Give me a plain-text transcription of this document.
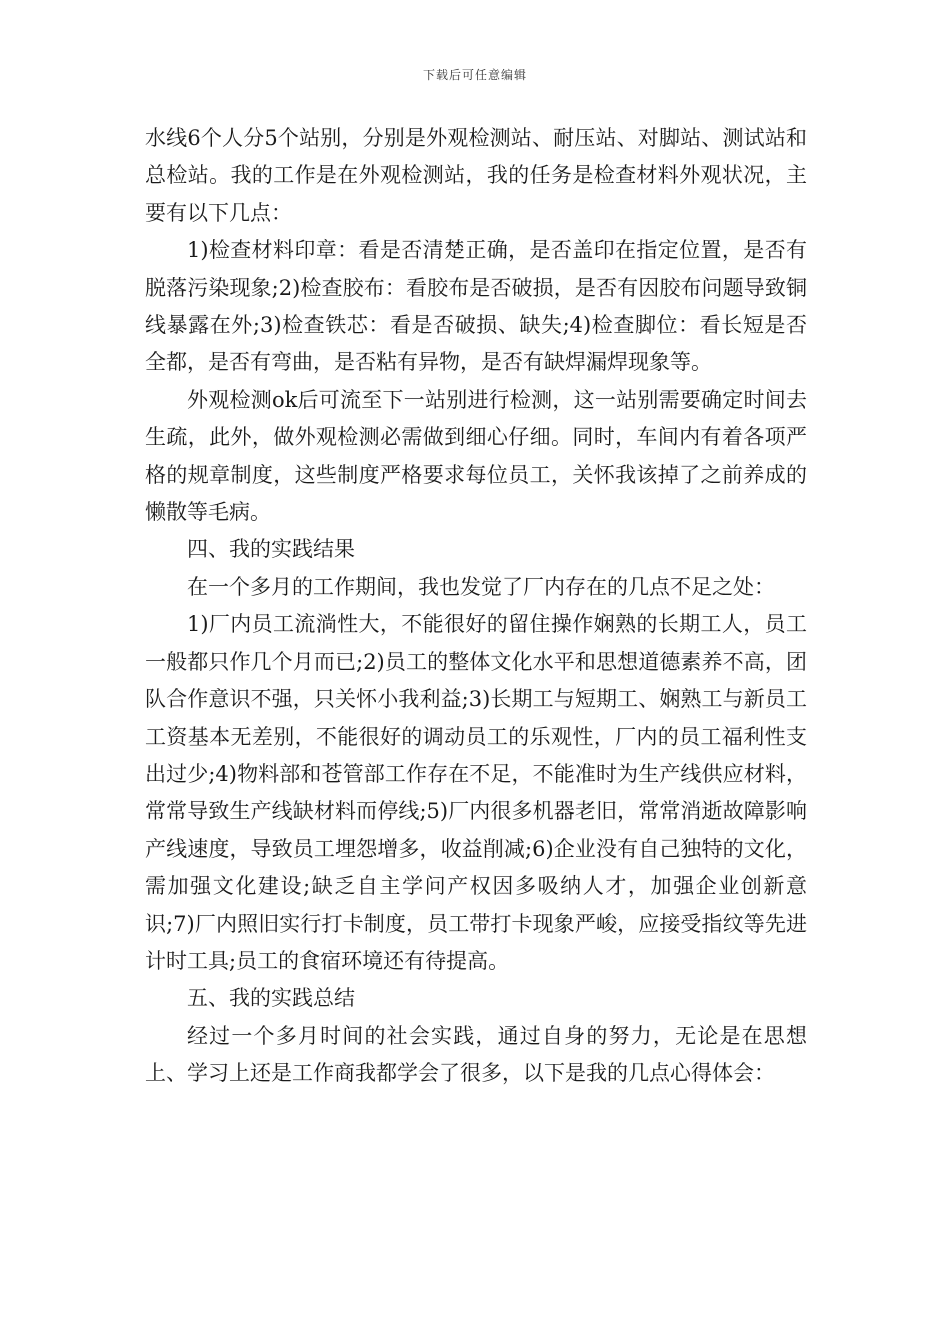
下载后可任意编辑

水线6个人分5个站别，分别是外观检测站、耐压站、对脚站、测试站和总检站。我的工作是在外观检测站，我的任务是检查材料外观状况，主要有以下几点：

1)检查材料印章：看是否清楚正确，是否盖印在指定位置，是否有脱落污染现象;2)检查胶布：看胶布是否破损，是否有因胶布问题导致铜线暴露在外;3)检查铁芯：看是否破损、缺失;4)检查脚位：看长短是否全都，是否有弯曲，是否粘有异物，是否有缺焊漏焊现象等。

外观检测ok后可流至下一站别进行检测，这一站别需要确定时间去生疏，此外，做外观检测必需做到细心仔细。同时，车间内有着各项严格的规章制度，这些制度严格要求每位员工，关怀我该掉了之前养成的懒散等毛病。

四、我的实践结果

在一个多月的工作期间，我也发觉了厂内存在的几点不足之处：

1)厂内员工流淌性大，不能很好的留住操作娴熟的长期工人，员工一般都只作几个月而已;2)员工的整体文化水平和思想道德素养不高，团队合作意识不强，只关怀小我利益;3)长期工与短期工、娴熟工与新员工工资基本无差别，不能很好的调动员工的乐观性，厂内的员工福利性支出过少;4)物料部和苍管部工作存在不足，不能准时为生产线供应材料，常常导致生产线缺材料而停线;5)厂内很多机器老旧，常常消逝故障影响产线速度，导致员工埋怨增多，收益削减;6)企业没有自己独特的文化，需加强文化建设;缺乏自主学问产权因多吸纳人才，加强企业创新意识;7)厂内照旧实行打卡制度，员工带打卡现象严峻，应接受指纹等先进计时工具;员工的食宿环境还有待提高。

五、我的实践总结

经过一个多月时间的社会实践，通过自身的努力，无论是在思想上、学习上还是工作商我都学会了很多，以下是我的几点心得体会：
